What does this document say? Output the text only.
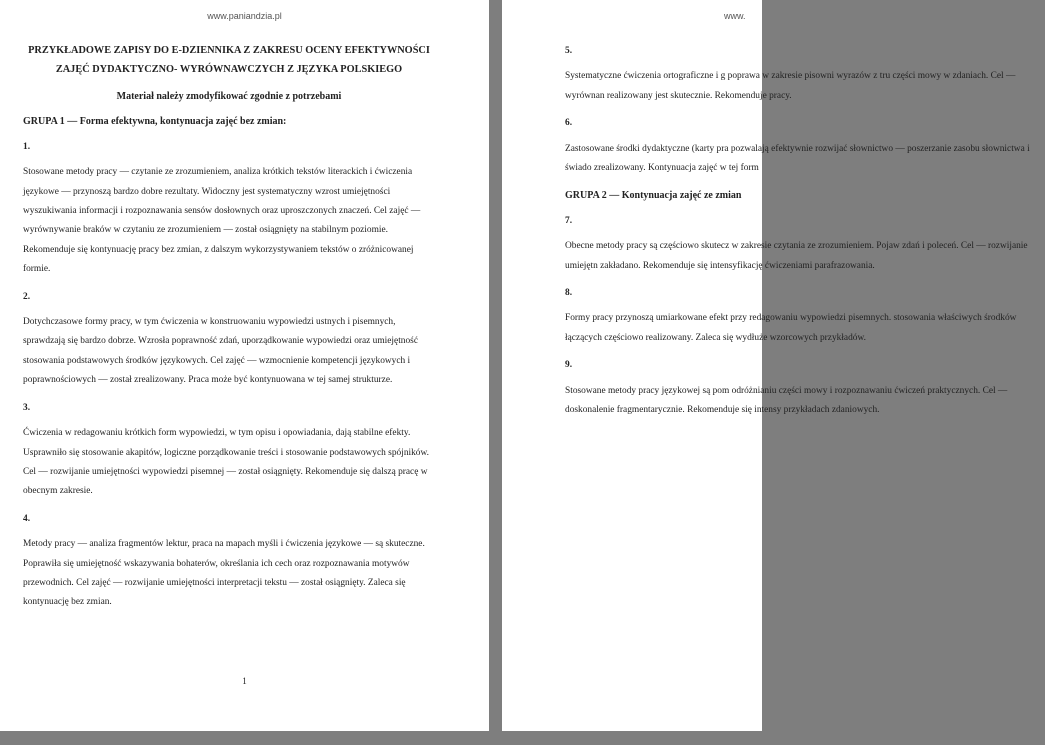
www.paniandzia.pl
PRZYKŁADOWE ZAPISY DO E-DZIENNIKA Z ZAKRESU OCENY EFEKTYWNOŚCI ZAJĘĆ DYDAKTYCZNO- WYRÓWNAWCZYCH Z JĘZYKA POLSKIEGO
Materiał należy zmodyfikować zgodnie z potrzebami
GRUPA 1 — Forma efektywna, kontynuacja zajęć bez zmian:
1.
Stosowane metody pracy — czytanie ze zrozumieniem, analiza krótkich tekstów literackich i ćwiczenia językowe — przynoszą bardzo dobre rezultaty. Widoczny jest systematyczny wzrost umiejętności wyszukiwania informacji i rozpoznawania sensów dosłownych oraz uproszczonych znaczeń. Cel zajęć — wyrównywanie braków w czytaniu ze zrozumieniem — został osiągnięty na stabilnym poziomie. Rekomenduje się kontynuację pracy bez zmian, z dalszym wykorzystywaniem tekstów o zróżnicowanej formie.
2.
Dotychczasowe formy pracy, w tym ćwiczenia w konstruowaniu wypowiedzi ustnych i pisemnych, sprawdzają się bardzo dobrze. Wzrosła poprawność zdań, uporządkowanie wypowiedzi oraz umiejętność stosowania podstawowych środków językowych. Cel zajęć — wzmocnienie kompetencji językowych i poprawnościowych — został zrealizowany. Praca może być kontynuowana w tej samej strukturze.
3.
Ćwiczenia w redagowaniu krótkich form wypowiedzi, w tym opisu i opowiadania, dają stabilne efekty. Usprawniło się stosowanie akapitów, logiczne porządkowanie treści i stosowanie podstawowych spójników. Cel — rozwijanie umiejętności wypowiedzi pisemnej — został osiągnięty. Rekomenduje się dalszą pracę w obecnym zakresie.
4.
Metody pracy — analiza fragmentów lektur, praca na mapach myśli i ćwiczenia językowe — są skuteczne. Poprawiła się umiejętność wskazywania bohaterów, określania ich cech oraz rozpoznawania motywów przewodnich. Cel zajęć — rozwijanie umiejętności interpretacji tekstu — został osiągnięty. Zaleca się kontynuację bez zmian.
1
www.
5.
Systematyczne ćwiczenia ortograficzne i g poprawa w zakresie pisowni wyrazów z tru części mowy w zdaniach. Cel — wyrównan realizowany jest skutecznie. Rekomenduje pracy.
6.
Zastosowane środki dydaktyczne (karty pra pozwalają efektywnie rozwijać słownictwo — poszerzanie zasobu słownictwa i świado zrealizowany. Kontynuacja zajęć w tej form
GRUPA 2 — Kontynuacja zajęć ze zmian
7.
Obecne metody pracy są częściowo skutecz w zakresie czytania ze zrozumieniem. Pojaw zdań i poleceń. Cel — rozwijanie umiejętn zakładano. Rekomenduje się intensyfikację ćwiczeniami parafrazowania.
8.
Formy pracy przynoszą umiarkowane efekt przy redagowaniu wypowiedzi pisemnych. stosowania właściwych środków łączących częściowo realizowany. Zaleca się wydłuże wzorcowych przykładów.
9.
Stosowane metody pracy językowej są pom odróżnianiu części mowy i rozpoznawaniu ćwiczeń praktycznych. Cel — doskonalenie fragmentarycznie. Rekomenduje się intensy przykładach zdaniowych.
